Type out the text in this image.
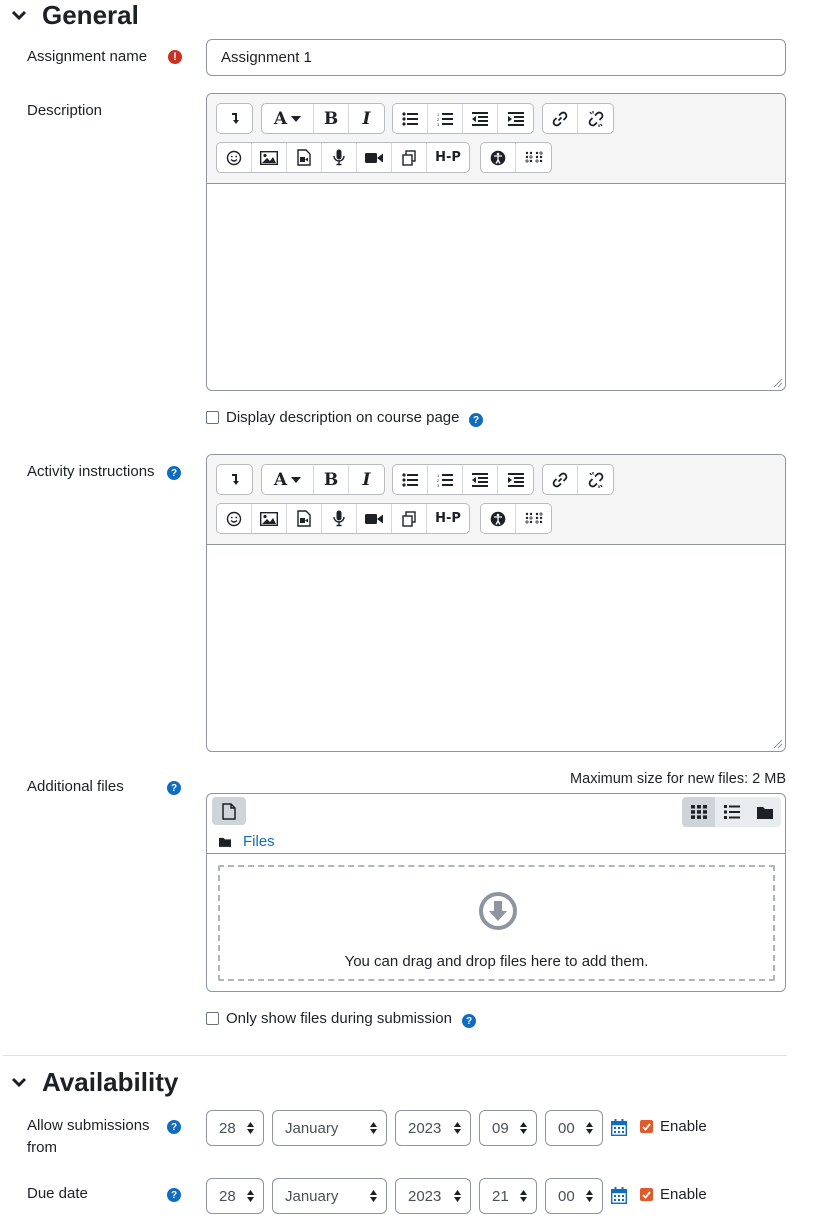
General
Assignment name	!
Assignment 1
Description	A B I	1
2
3
H-P
Display description on course page	?
Activity instructions	?	A B I	1
2
3
H-P
Additional files	?
Maximum size for new files: 2 MB
Files
You can drag and drop files here to add them.
Only show files during submission	?
Availability
Allow submissions
from
?	28	January	2023	09	00	Enable
Due date	?	28	January	2023	21	00	Enable
